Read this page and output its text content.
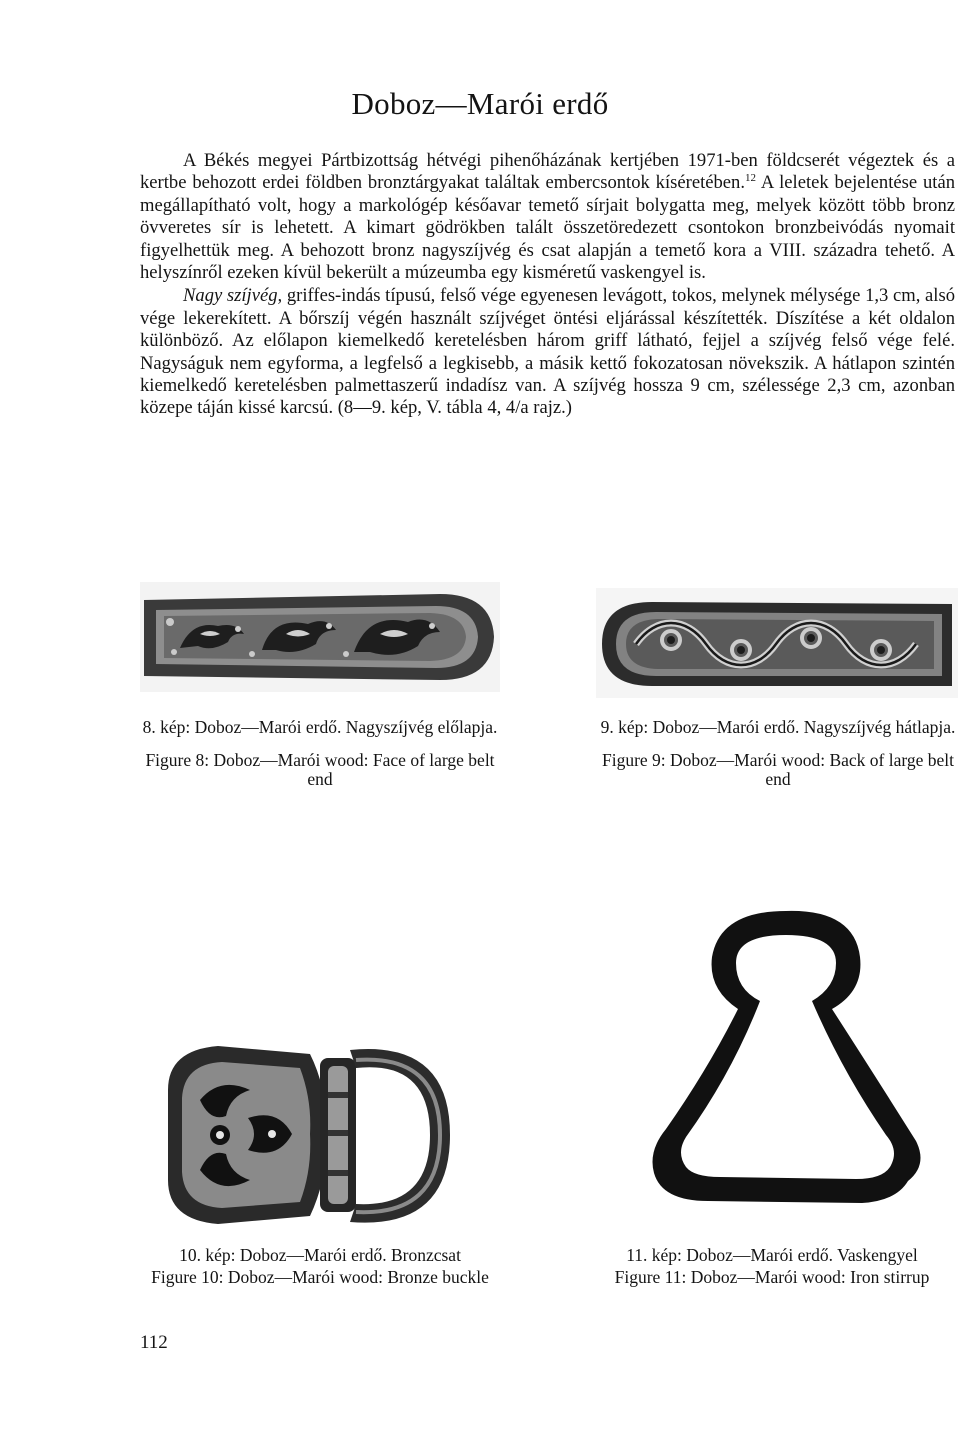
Doboz—Marói erdő

A Békés megyei Pártbizottság hétvégi pihenőházának kertjében 1971-ben földcserét végeztek és a kertbe behozott erdei földben bronztárgyakat találtak embercsontok kíséretében.$^{12}$ A leletek bejelentése után megállapítható volt, hogy a markológép későavar temető sírjait bolygatta meg, melyek között több bronz övveretes sír is lehetett. A kimart gödrökben talált összetöredezett csontokon bronzbeivódás nyomait figyelhettük meg. A behozott bronz nagyszíjvég és csat alapján a temető kora a VIII. századra tehető. A helyszínről ezeken kívül bekerült a múzeumba egy kisméretű vaskengyel is.

Nagy szíjvég, griffes-indás típusú, felső vége egyenesen levágott, tokos, melynek mélysége 1,3 cm, alsó vége lekerekített. A bőrszíj végén használt szíjvéget öntési eljárással készítették. Díszítése a két oldalon különböző. Az előlapon kiemelkedő keretelésben három griff látható, fejjel a szíjvég felső vége felé. Nagyságuk nem egyforma, a legfelső a legkisebb, a másik kettő fokozatosan növekszik. A hátlapon szintén kiemelkedő keretelésben palmettaszerű indadísz van. A szíjvég hossza 9 cm, szélessége 2,3 cm, azonban közepe táján kissé karcsú. (8—9. kép, V. tábla 4, 4/a rajz.)

8. kép: Doboz—Marói erdő. Nagyszíjvég előlapja.
Figure 8: Doboz—Marói wood: Face of large belt end
9. kép: Doboz—Marói erdő. Nagyszíjvég hátlapja.
Figure 9: Doboz—Marói wood: Back of large belt end
10. kép: Doboz—Marói erdő. Bronzcsat
Figure 10: Doboz—Marói wood: Bronze buckle
11. kép: Doboz—Marói erdő. Vaskengyel
Figure 11: Doboz—Marói wood: Iron stirrup
112
